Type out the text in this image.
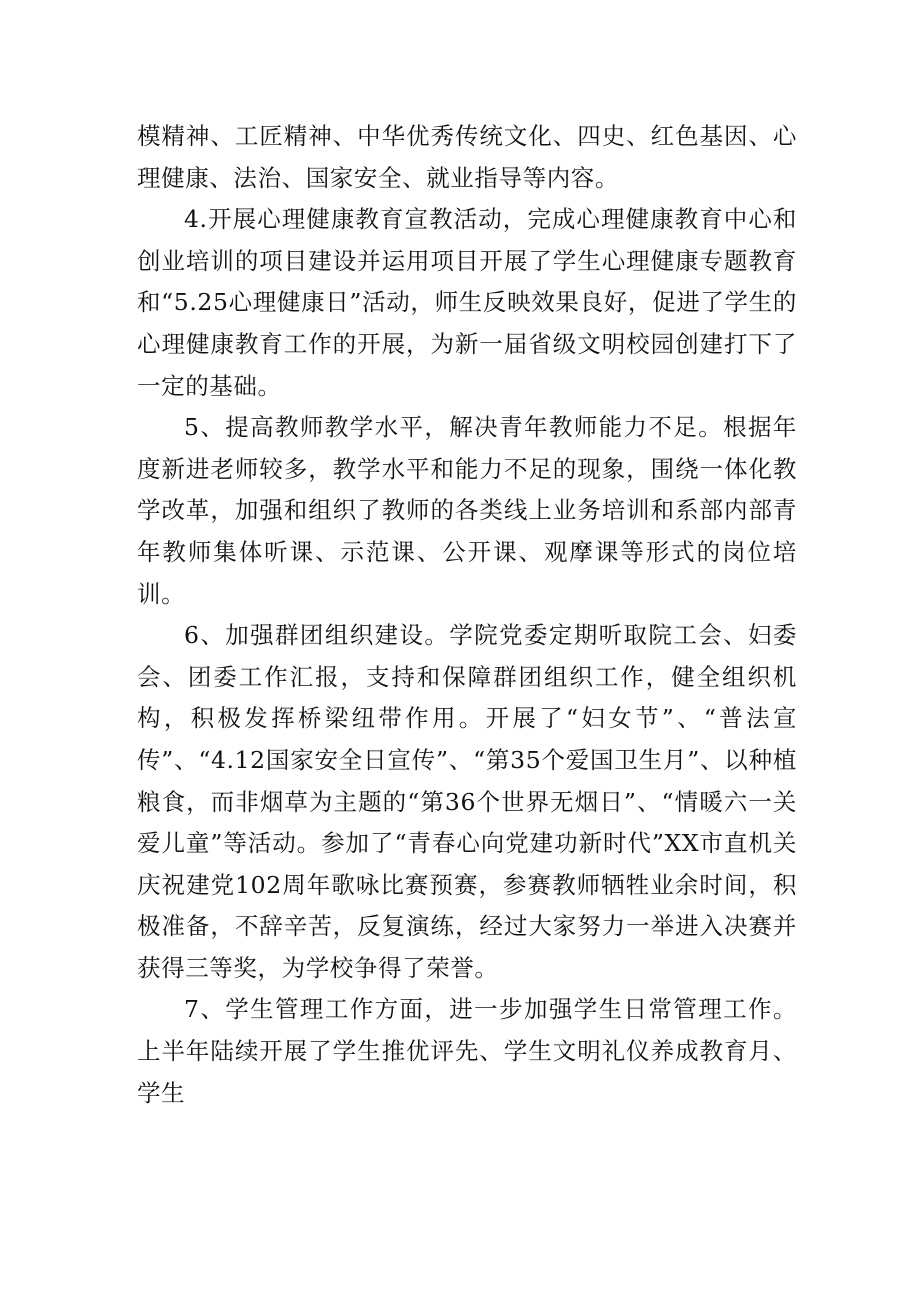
模精神、工匠精神、中华优秀传统文化、四史、红色基因、心理健康、法治、国家安全、就业指导等内容。

4.开展心理健康教育宣教活动，完成心理健康教育中心和创业培训的项目建设并运用项目开展了学生心理健康专题教育和“5.25心理健康日”活动，师生反映效果良好，促进了学生的心理健康教育工作的开展，为新一届省级文明校园创建打下了一定的基础。

5、提高教师教学水平，解决青年教师能力不足。根据年度新进老师较多，教学水平和能力不足的现象，围绕一体化教学改革，加强和组织了教师的各类线上业务培训和系部内部青年教师集体听课、示范课、公开课、观摩课等形式的岗位培训。

6、加强群团组织建设。学院党委定期听取院工会、妇委会、团委工作汇报，支持和保障群团组织工作，健全组织机构，积极发挥桥梁纽带作用。开展了“妇女节”、“普法宣传”、“4.12国家安全日宣传”、“第35个爱国卫生月”、以种植粮食，而非烟草为主题的“第36个世界无烟日”、“情暖六一关爱儿童”等活动。参加了“青春心向党建功新时代”XX市直机关庆祝建党102周年歌咏比赛预赛，参赛教师牺牲业余时间，积极准备，不辞辛苦，反复演练，经过大家努力一举进入决赛并获得三等奖，为学校争得了荣誉。

7、学生管理工作方面，进一步加强学生日常管理工作。上半年陆续开展了学生推优评先、学生文明礼仪养成教育月、学生
